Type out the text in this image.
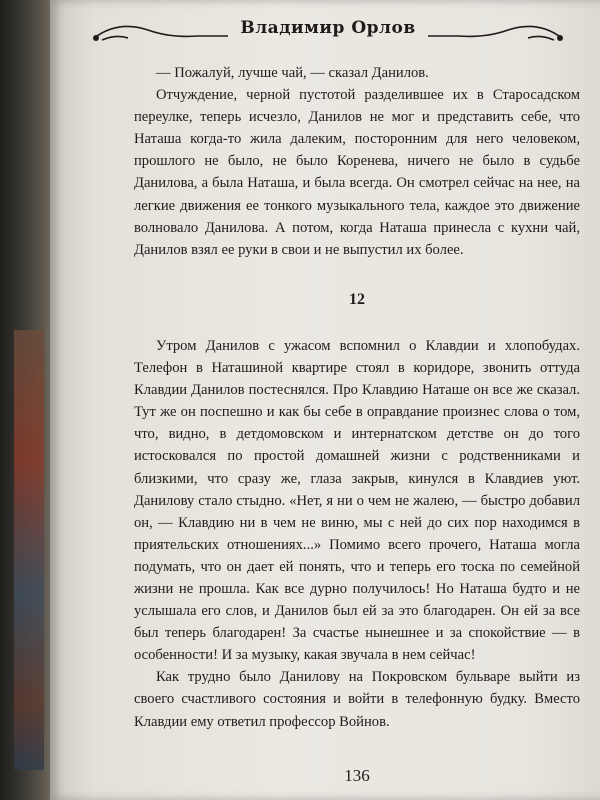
Владимир Орлов

— Пожалуй, лучше чай, — сказал Данилов.

Отчуждение, черной пустотой разделившее их в Старосадском переулке, теперь исчезло, Данилов не мог и представить себе, что Наташа когда-то жила далеким, посторонним для него человеком, прошлого не было, не было Коренева, ничего не было в судьбе Данилова, а была Наташа, и была всегда. Он смотрел сейчас на нее, на легкие движения ее тонкого музыкального тела, каждое это движение волновало Данилова. А потом, когда Наташа принесла с кухни чай, Данилов взял ее руки в свои и не выпустил их более.

12

Утром Данилов с ужасом вспомнил о Клавдии и хлопобудах. Телефон в Наташиной квартире стоял в коридоре, звонить оттуда Клавдии Данилов постеснялся. Про Клавдию Наташе он все же сказал. Тут же он поспешно и как бы себе в оправдание произнес слова о том, что, видно, в детдомовском и интернатском детстве он до того истосковался по простой домашней жизни с родственниками и близкими, что сразу же, глаза закрыв, кинулся в Клавдиев уют. Данилову стало стыдно. «Нет, я ни о чем не жалею, — быстро добавил он, — Клавдию ни в чем не виню, мы с ней до сих пор находимся в приятельских отношениях...» Помимо всего прочего, Наташа могла подумать, что он дает ей понять, что и теперь его тоска по семейной жизни не прошла. Как все дурно получилось! Но Наташа будто и не услышала его слов, и Данилов был ей за это благодарен. Он ей за все был теперь благодарен! За счастье нынешнее и за спокойствие — в особенности! И за музыку, какая звучала в нем сейчас!

Как трудно было Данилову на Покровском бульваре выйти из своего счастливого состояния и войти в телефонную будку. Вместо Клавдии ему ответил профессор Войнов.

136
